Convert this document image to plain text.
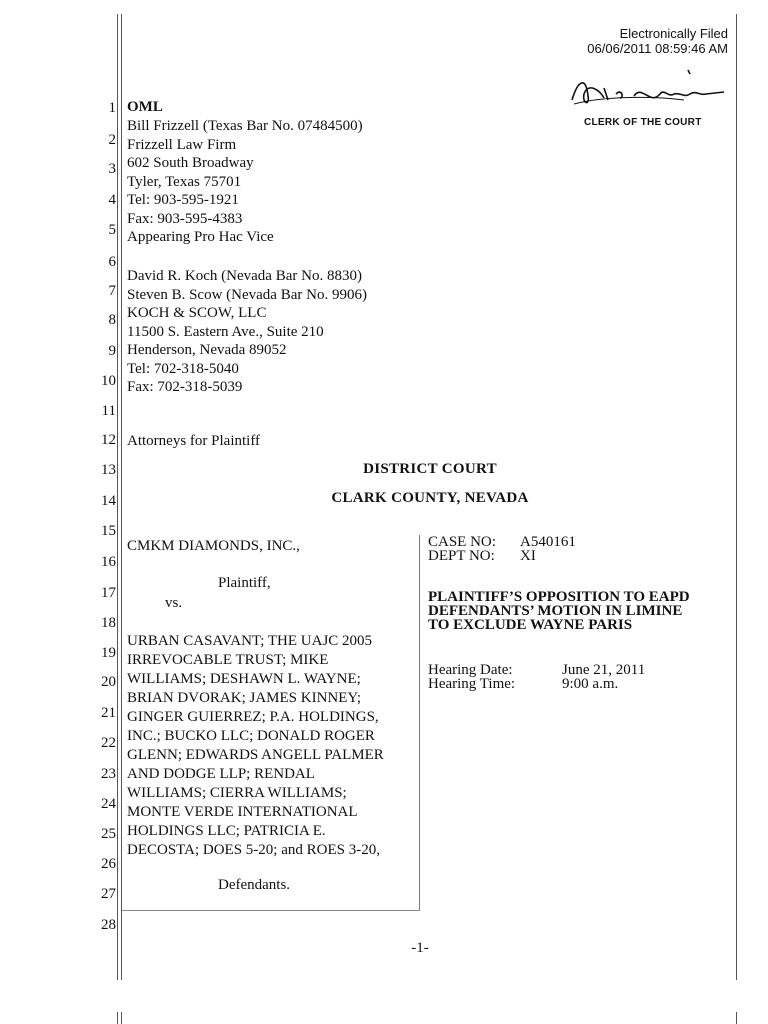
Electronically Filed
06/06/2011 08:59:46 AM
CLERK OF THE COURT
1
2
3
4
5
6
7
8
9
10
11
12
13
14
15
16
17
18
19
20
21
22
23
24
25
26
27
28
OML
Bill Frizzell (Texas Bar No. 07484500)
Frizzell Law Firm
602 South Broadway
Tyler, Texas 75701
Tel: 903-595-1921
Fax: 903-595-4383
Appearing Pro Hac Vice
David R. Koch (Nevada Bar No. 8830)
Steven B. Scow (Nevada Bar No. 9906)
KOCH & SCOW, LLC
11500 S. Eastern Ave., Suite 210
Henderson, Nevada 89052
Tel: 702-318-5040
Fax: 702-318-5039
Attorneys for Plaintiff
DISTRICT COURT
CLARK COUNTY, NEVADA
CMKM DIAMONDS, INC.,
Plaintiff,
vs.
URBAN CASAVANT; THE UAJC 2005
IRREVOCABLE TRUST; MIKE
WILLIAMS; DESHAWN L. WAYNE;
BRIAN DVORAK; JAMES KINNEY;
GINGER GUIERREZ; P.A. HOLDINGS,
INC.; BUCKO LLC; DONALD ROGER
GLENN; EDWARDS ANGELL PALMER
AND DODGE LLP; RENDAL
WILLIAMS; CIERRA WILLIAMS;
MONTE VERDE INTERNATIONAL
HOLDINGS LLC; PATRICIA E.
DECOSTA; DOES 5-20; and ROES 3-20,
Defendants.
CASE NO: A540161
DEPT NO: XI
PLAINTIFF’S OPPOSITION TO EAPD
DEFENDANTS’ MOTION IN LIMINE
TO EXCLUDE WAYNE PARIS
Hearing Date:	June 21, 2011
Hearing Time:	9:00 a.m.
-1-
